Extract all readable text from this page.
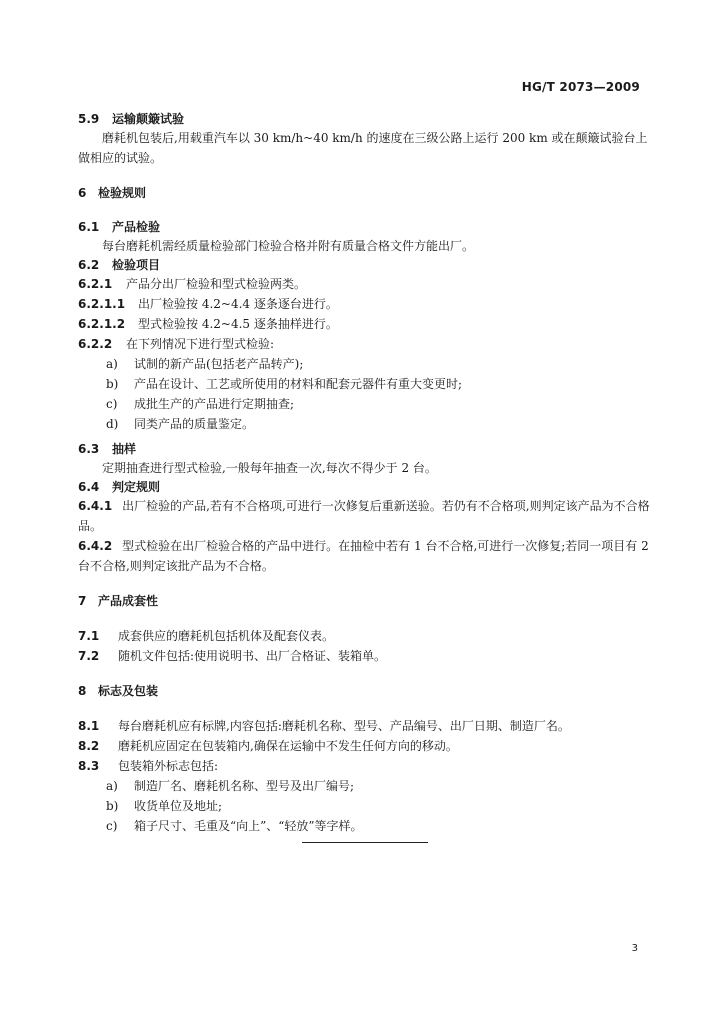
HG/T 2073—2009

5.9 运输颠簸试验

磨耗机包装后,用载重汽车以 30 km/h~40 km/h 的速度在三级公路上运行 200 km 或在颠簸试验台上做相应的试验。

6 检验规则

6.1 产品检验

每台磨耗机需经质量检验部门检验合格并附有质量合格文件方能出厂。

6.2 检验项目

6.2.1 产品分出厂检验和型式检验两类。

6.2.1.1 出厂检验按 4.2~4.4 逐条逐台进行。

6.2.1.2 型式检验按 4.2~4.5 逐条抽样进行。

6.2.2 在下列情况下进行型式检验:

a) 试制的新产品(包括老产品转产);
b) 产品在设计、工艺或所使用的材料和配套元器件有重大变更时;
c) 成批生产的产品进行定期抽查;
d) 同类产品的质量鉴定。

6.3 抽样

定期抽查进行型式检验,一般每年抽查一次,每次不得少于 2 台。

6.4 判定规则

6.4.1 出厂检验的产品,若有不合格项,可进行一次修复后重新送验。若仍有不合格项,则判定该产品为不合格品。

6.4.2 型式检验在出厂检验合格的产品中进行。在抽检中若有 1 台不合格,可进行一次修复;若同一项目有 2 台不合格,则判定该批产品为不合格。

7 产品成套性

7.1 成套供应的磨耗机包括机体及配套仪表。

7.2 随机文件包括:使用说明书、出厂合格证、装箱单。

8 标志及包装

8.1 每台磨耗机应有标牌,内容包括:磨耗机名称、型号、产品编号、出厂日期、制造厂名。

8.2 磨耗机应固定在包装箱内,确保在运输中不发生任何方向的移动。

8.3 包装箱外标志包括:

a) 制造厂名、磨耗机名称、型号及出厂编号;
b) 收货单位及地址;
c) 箱子尺寸、毛重及“向上”、“轻放”等字样。
3
